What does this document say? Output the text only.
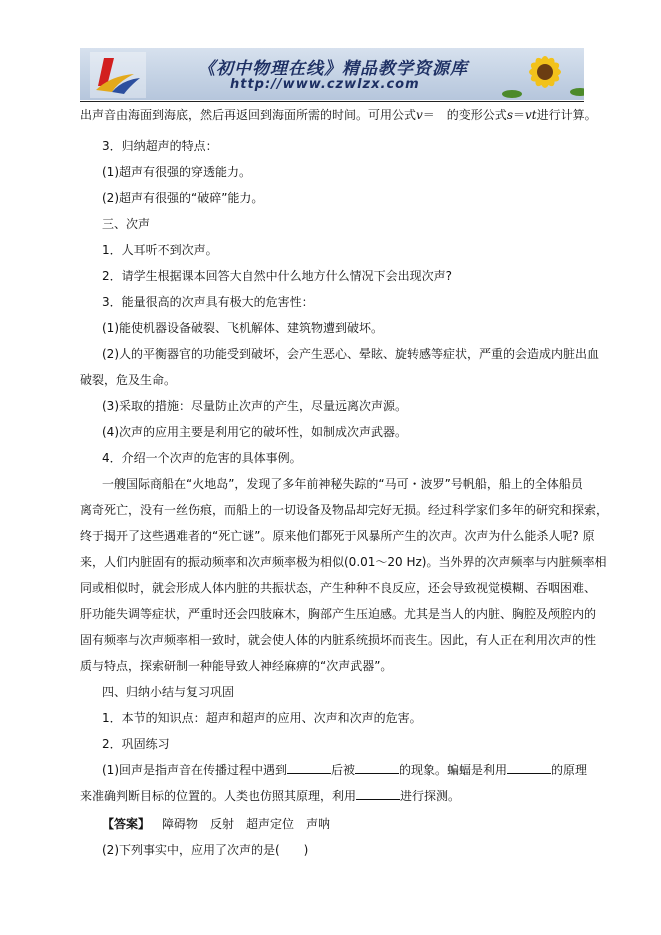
《初中物理在线》精品教学资源库
http://www.czwlzx.com
出声音由海面到海底，然后再返回到海面所需的时间。可用公式v＝　的变形公式s＝vt进行计算。
3．归纳超声的特点：
(1)超声有很强的穿透能力。
(2)超声有很强的“破碎”能力。
三、次声
1．人耳听不到次声。
2．请学生根据课本回答大自然中什么地方什么情况下会出现次声?
3．能量很高的次声具有极大的危害性：
(1)能使机器设备破裂、飞机解体、建筑物遭到破坏。
(2)人的平衡器官的功能受到破坏，会产生恶心、晕眩、旋转感等症状，严重的会造成内脏出血
破裂，危及生命。
(3)采取的措施：尽量防止次声的产生，尽量远离次声源。
(4)次声的应用主要是利用它的破坏性，如制成次声武器。
4．介绍一个次声的危害的具体事例。
一艘国际商船在“火地岛”，发现了多年前神秘失踪的“马可・波罗”号帆船，船上的全体船员
离奇死亡，没有一丝伤痕，而船上的一切设备及物品却完好无损。经过科学家们多年的研究和探索，
终于揭开了这些遇难者的“死亡谜”。原来他们都死于风暴所产生的次声。次声为什么能杀人呢? 原
来，人们内脏固有的振动频率和次声频率极为相似(0.01～20 Hz)。当外界的次声频率与内脏频率相
同或相似时，就会形成人体内脏的共振状态，产生种种不良反应，还会导致视觉模糊、吞咽困难、
肝功能失调等症状，严重时还会四肢麻木，胸部产生压迫感。尤其是当人的内脏、胸腔及颅腔内的
固有频率与次声频率相一致时，就会使人体的内脏系统损坏而丧生。因此，有人正在利用次声的性
质与特点，探索研制一种能导致人神经麻痹的“次声武器”。
四、归纳小结与复习巩固
1．本节的知识点：超声和超声的应用、次声和次声的危害。
2．巩固练习
(1)回声是指声音在传播过程中遇到	后被	的现象。蝙蝠是利用	的原理
来准确判断目标的位置的。人类也仿照其原理，利用	进行探测。
【答案】 障碍物 反射 超声定位 声呐
(2)下列事实中，应用了次声的是(　　)
